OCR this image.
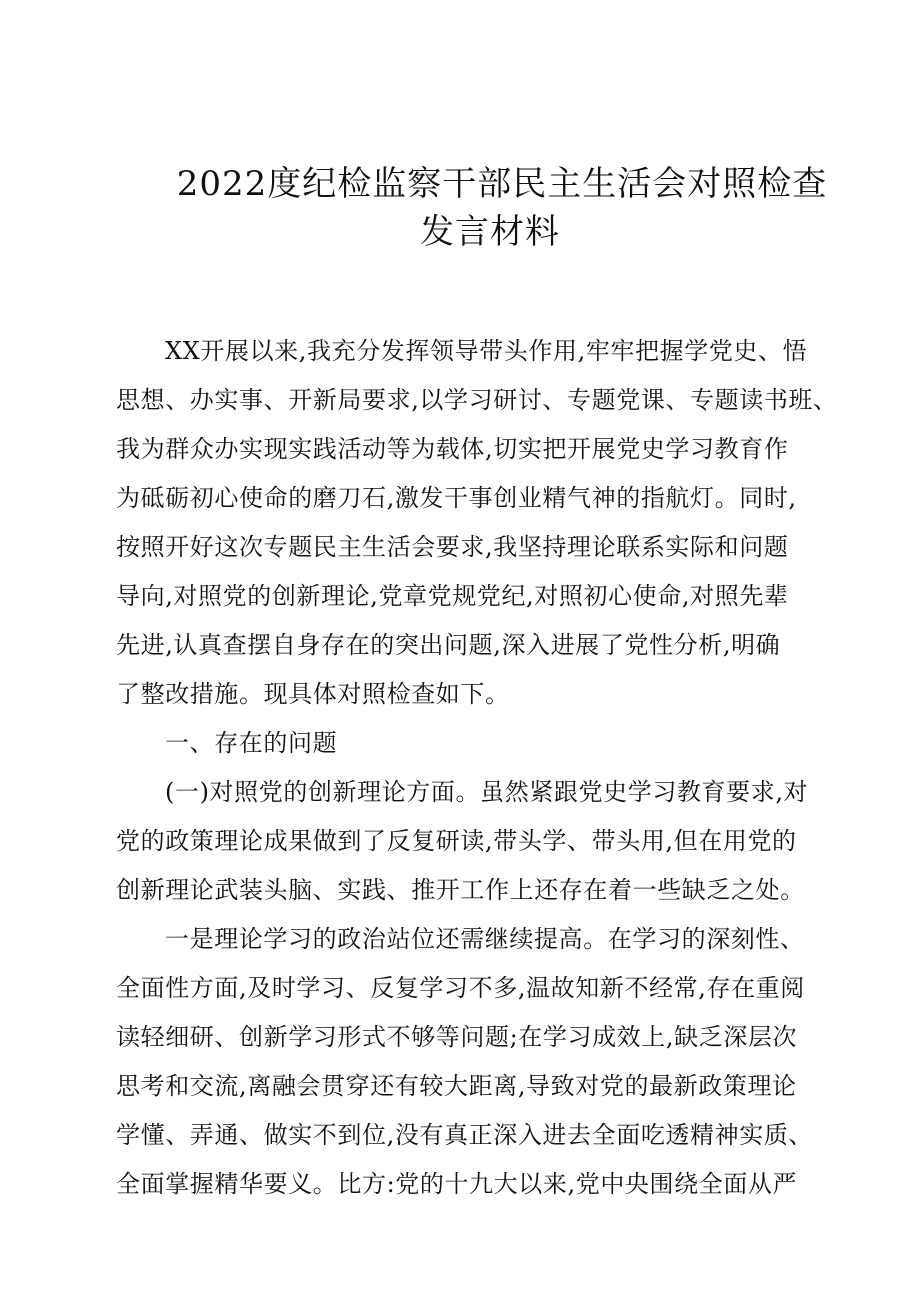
2022度纪检监察干部民主生活会对照检查
发言材料
XX开展以来,我充分发挥领导带头作用,牢牢把握学党史、悟
思想、办实事、开新局要求,以学习研讨、专题党课、专题读书班、
我为群众办实现实践活动等为载体,切实把开展党史学习教育作
为砥砺初心使命的磨刀石,激发干事创业精气神的指航灯。同时,
按照开好这次专题民主生活会要求,我坚持理论联系实际和问题
导向,对照党的创新理论,党章党规党纪,对照初心使命,对照先辈
先进,认真查摆自身存在的突出问题,深入进展了党性分析,明确
了整改措施。现具体对照检查如下。
一、存在的问题
(一)对照党的创新理论方面。虽然紧跟党史学习教育要求,对
党的政策理论成果做到了反复研读,带头学、带头用,但在用党的
创新理论武装头脑、实践、推开工作上还存在着一些缺乏之处。
一是理论学习的政治站位还需继续提高。在学习的深刻性、
全面性方面,及时学习、反复学习不多,温故知新不经常,存在重阅
读轻细研、创新学习形式不够等问题;在学习成效上,缺乏深层次
思考和交流,离融会贯穿还有较大距离,导致对党的最新政策理论
学懂、弄通、做实不到位,没有真正深入进去全面吃透精神实质、
全面掌握精华要义。比方:党的十九大以来,党中央围绕全面从严
